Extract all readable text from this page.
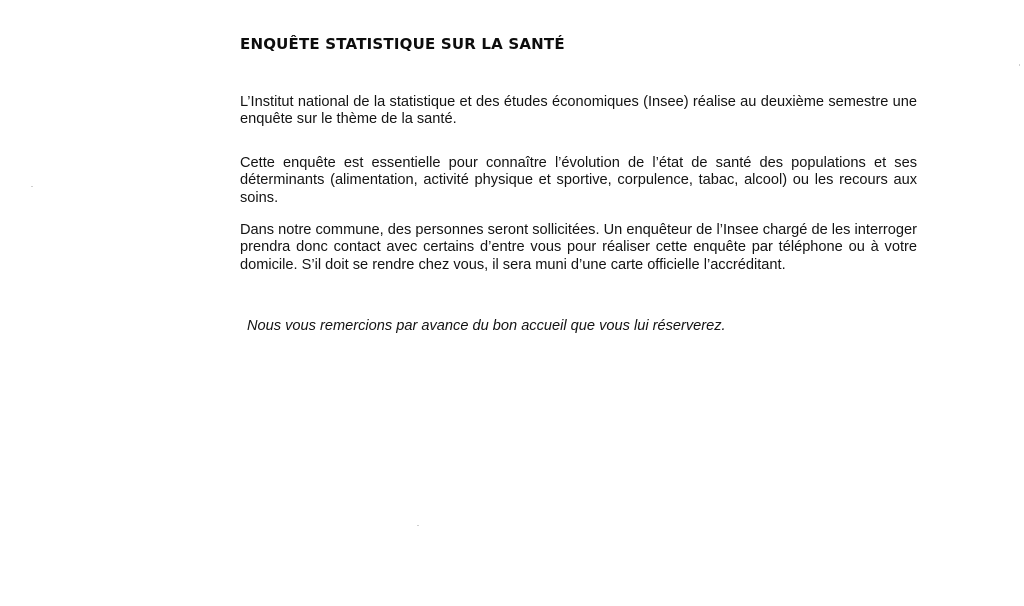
ENQUÊTE STATISTIQUE SUR LA SANTÉ

L’Institut national de la statistique et des études économiques (Insee) réalise au deuxième semestre une enquête sur le thème de la santé.

Cette enquête est essentielle pour connaître l’évolution de l’état de santé des populations et ses déterminants (alimentation, activité physique et sportive, corpulence, tabac, alcool) ou les recours aux soins.

Dans notre commune, des personnes seront sollicitées. Un enquêteur de l’Insee chargé de les interroger prendra donc contact avec certains d’entre vous pour réaliser cette enquête par téléphone ou à votre domicile. S’il doit se rendre chez vous, il sera muni d’une carte officielle l’accréditant.

Nous vous remercions par avance du bon accueil que vous lui réserverez.
